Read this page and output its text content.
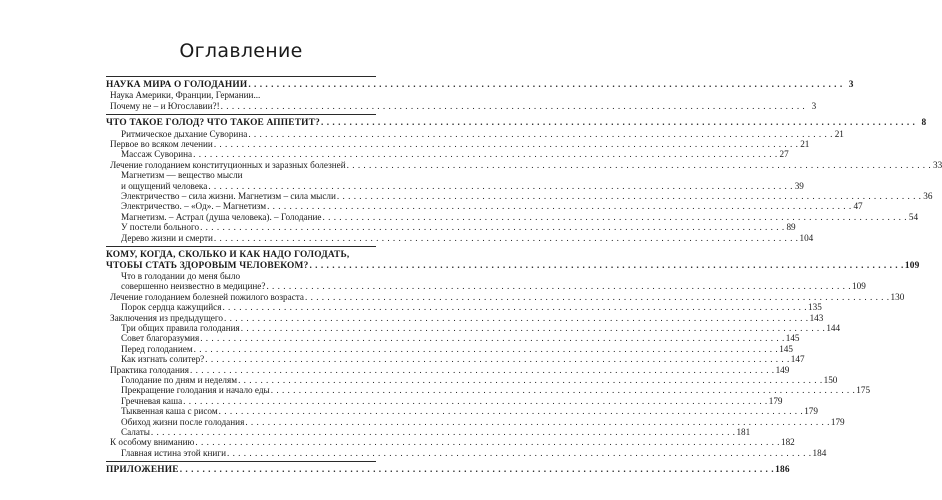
Оглавление
НАУКА МИРА О ГОЛОДАНИИ . . .	3
Наука Америки, Франции, Германии...
Почему не – и Югославии?! . . .	3
ЧТО ТАКОЕ ГОЛОД? ЧТО ТАКОЕ АППЕТИТ? . . .	8
Ритмическое дыхание Суворина . . .	21
Первое во всяком лечении . . .	21
Массаж Суворина . . .	27
Лечение голоданием конституционных и заразных болезней . . .	33
Магнетизм — вещество мысли
и ощущений человека . . .	39
Электричество – сила жизни. Магнетизм – сила мысли . . .	36
Электричество. – «Од». – Магнетизм . . .	47
Магнетизм. – Астрал (душа человека). – Голодание . . .	54
У постели больного . . .	89
Дерево жизни и смерти . . .	104
КОМУ, КОГДА, СКОЛЬКО И КАК НАДО ГОЛОДАТЬ,
ЧТОБЫ СТАТЬ ЗДОРОВЫМ ЧЕЛОВЕКОМ? . . .	109
Что в голодании до меня было
совершенно неизвестно в медицине? . . .	109
Лечение голоданием болезней пожилого возраста . . .	130
Порок сердца кажущийся . . .	135
Заключения из предыдущего . . .	143
Три общих правила голодания . . .	144
Совет благоразумия . . .	145
Перед голоданием . . .	145
Как изгнать солитер? . . .	147
Практика голодания . . .	149
Голодание по дням и неделям . . .	150
Прекращение голодания и начало еды . . .	175
Гречневая каша . . .	179
Тыквенная каша с рисом . . .	179
Обиход жизни после голодания . . .	179
Салаты . . .	181
К особому вниманию . . .	182
Главная истина этой книги . . .	184
ПРИЛОЖЕНИЕ . . .	186
